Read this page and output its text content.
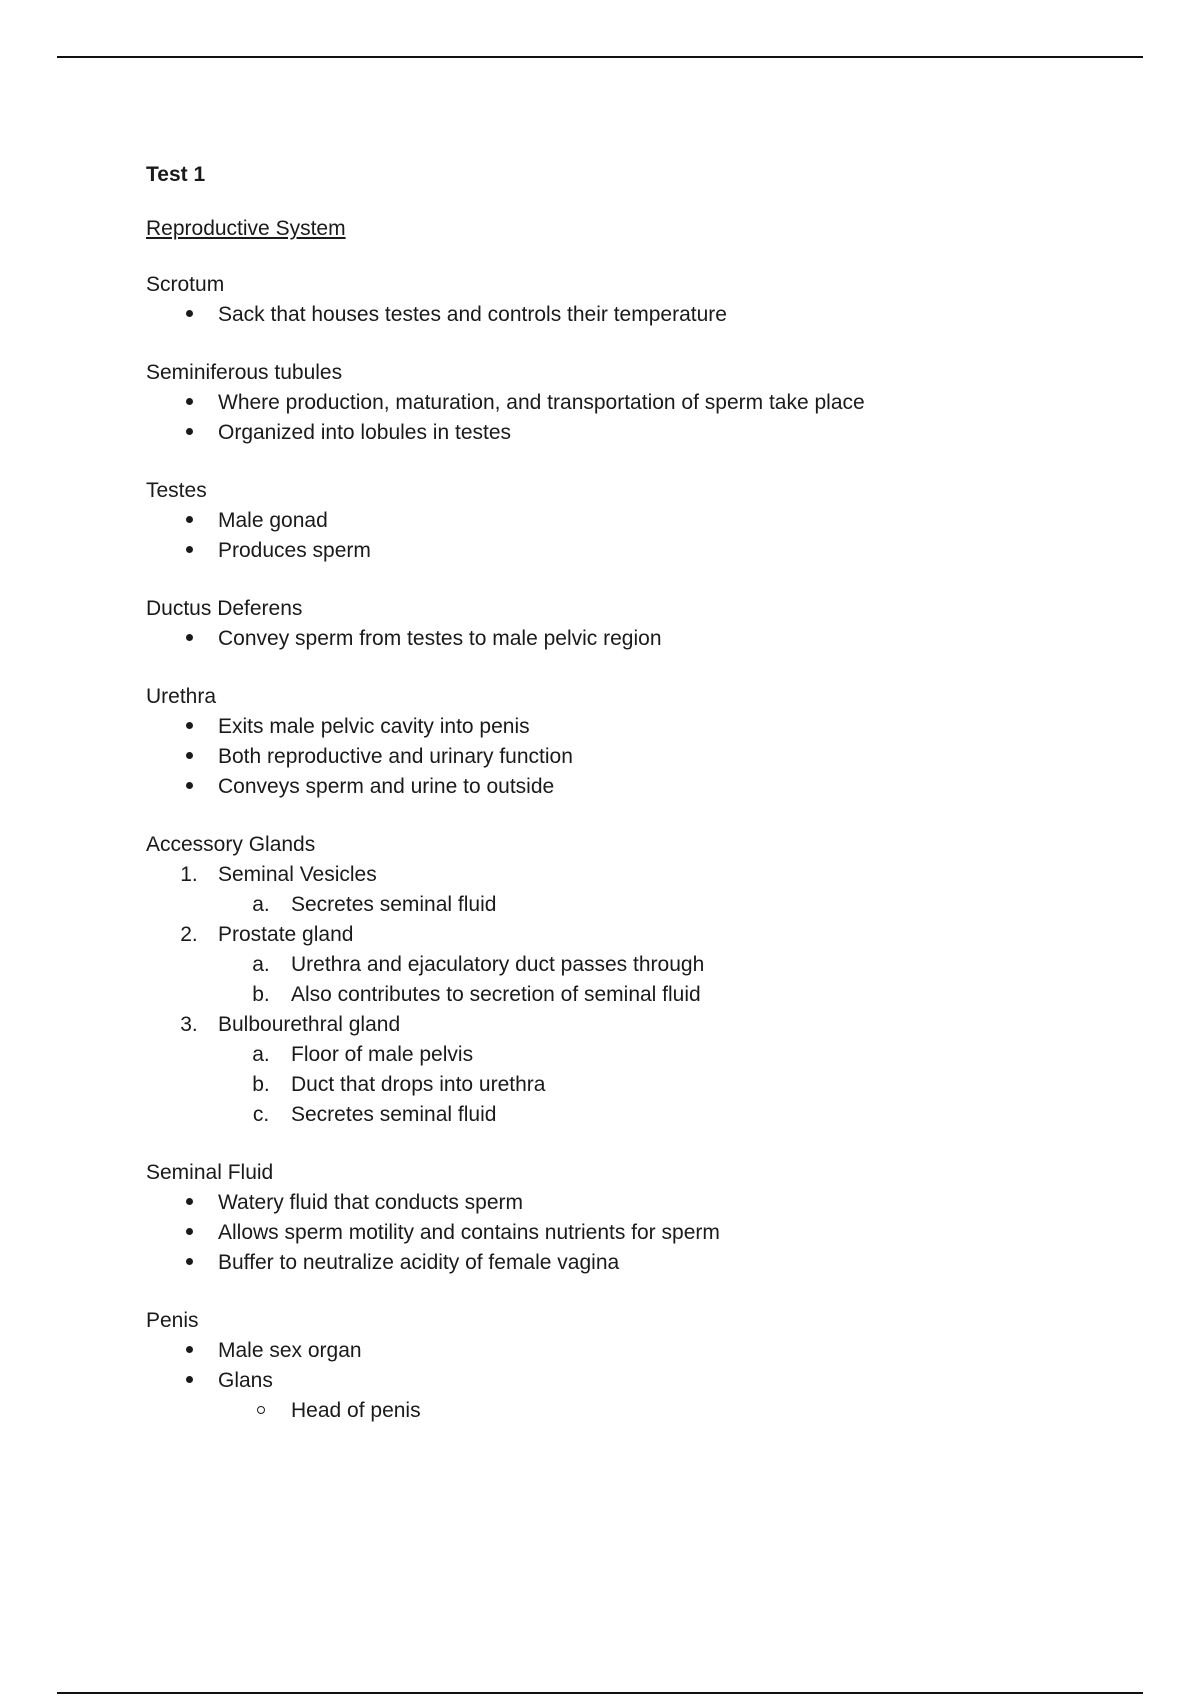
Test 1
Reproductive System
Scrotum
Sack that houses testes and controls their temperature
Seminiferous tubules
Where production, maturation, and transportation of sperm take place
Organized into lobules in testes
Testes
Male gonad
Produces sperm
Ductus Deferens
Convey sperm from testes to male pelvic region
Urethra
Exits male pelvic cavity into penis
Both reproductive and urinary function
Conveys sperm and urine to outside
Accessory Glands
1. Seminal Vesicles
a. Secretes seminal fluid
2. Prostate gland
a. Urethra and ejaculatory duct passes through
b. Also contributes to secretion of seminal fluid
3. Bulbourethral gland
a. Floor of male pelvis
b. Duct that drops into urethra
c.	Secretes seminal fluid
Seminal Fluid
Watery fluid that conducts sperm
Allows sperm motility and contains nutrients for sperm
Buffer to neutralize acidity of female vagina
Penis
Male sex organ
Glans
Head of penis
